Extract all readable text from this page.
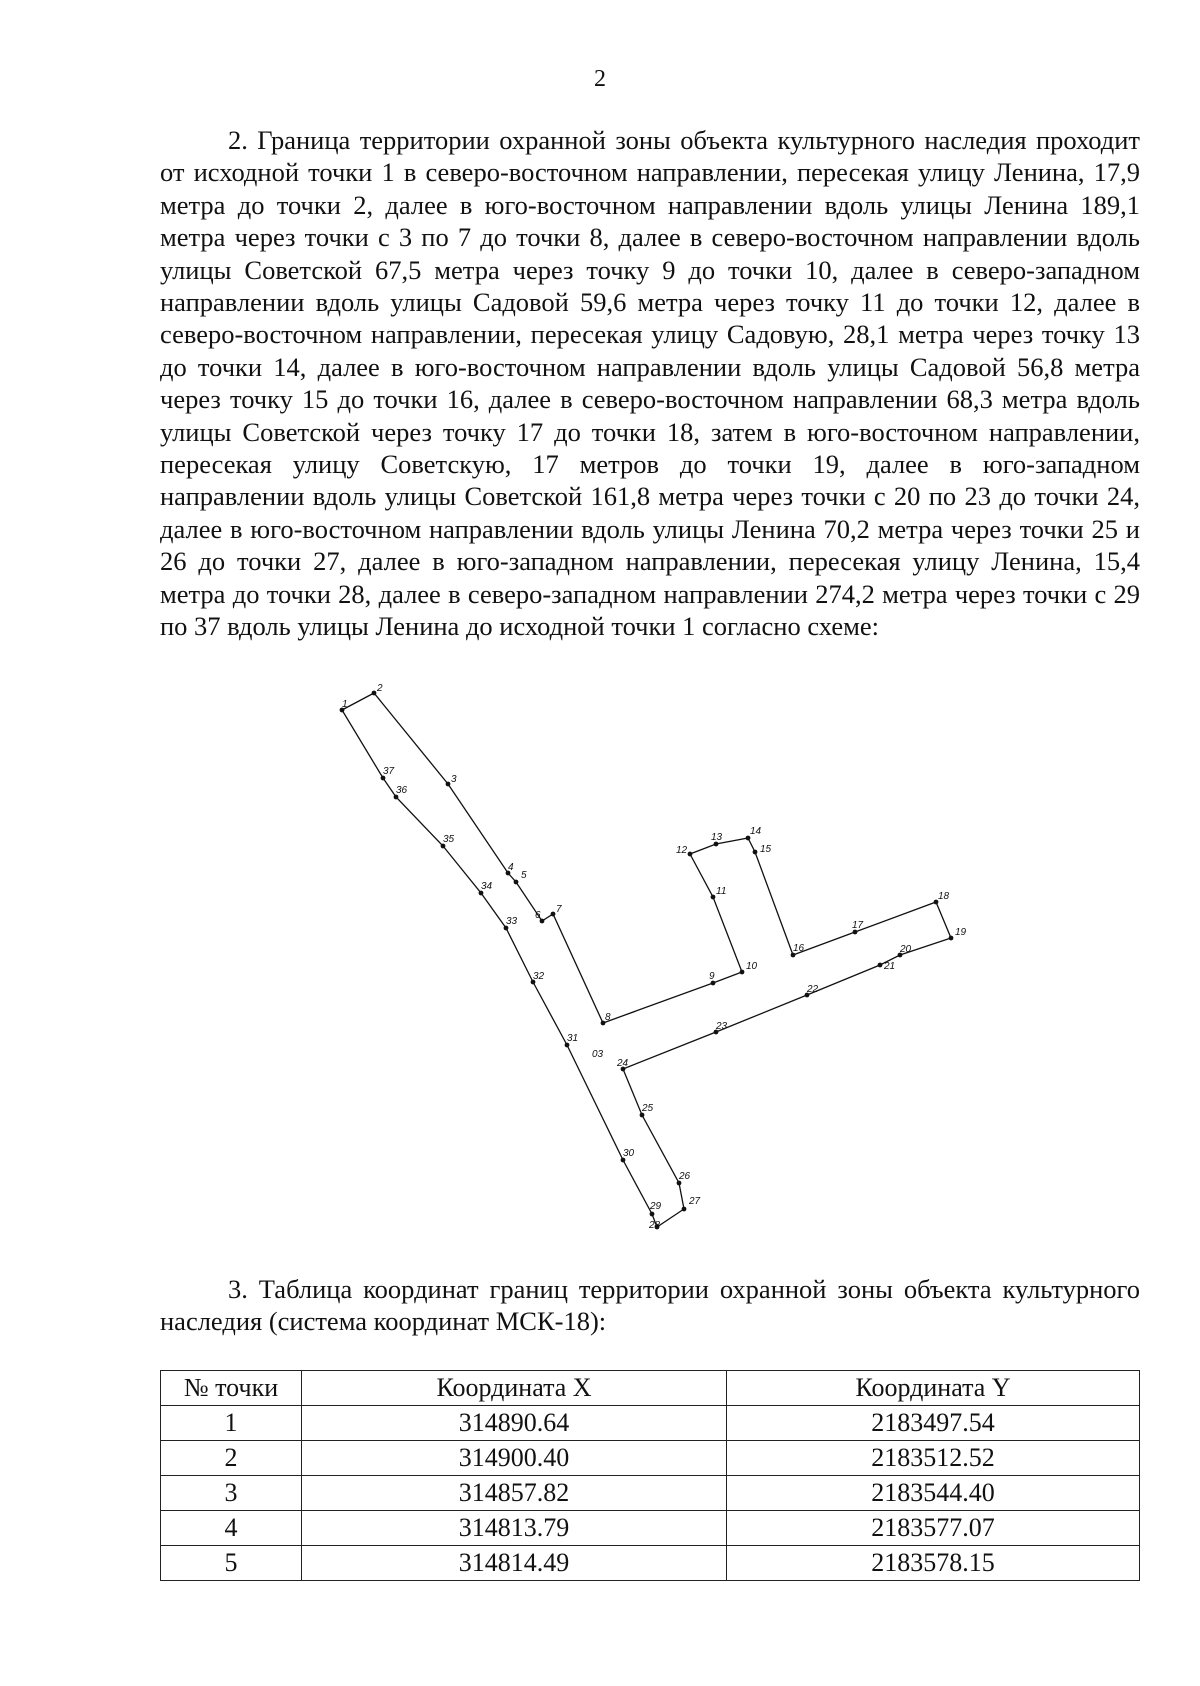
2

2. Граница территории охранной зоны объекта культурного наследия проходит от исходной точки 1 в северо-восточном направлении, пересекая улицу Ленина, 17,9 метра до точки 2, далее в юго-восточном направлении вдоль улицы Ленина 189,1 метра через точки с 3 по 7 до точки 8, далее в северо-восточном направлении вдоль улицы Советской 67,5 метра через точку 9 до точки 10, далее в северо-западном направлении вдоль улицы Садовой 59,6 метра через точку 11 до точки 12, далее в северо-восточном направлении, пересекая улицу Садовую, 28,1 метра через точку 13 до точки 14, далее в юго-восточном направлении вдоль улицы Садовой 56,8 метра через точку 15 до точки 16, далее в северо-восточном направлении 68,3 метра вдоль улицы Советской через точку 17 до точки 18, затем в юго-восточном направлении, пересекая улицу Советскую, 17 метров до точки 19, далее в юго-западном направлении вдоль улицы Советской 161,8 метра через точки с 20 по 23 до точки 24, далее в юго-восточном направлении вдоль улицы Ленина 70,2 метра через точки 25 и 26 до точки 27, далее в юго-западном направлении, пересекая улицу Ленина, 15,4 метра до точки 28, далее в северо-западном направлении 274,2 метра через точки с 29 по 37 вдоль улицы Ленина до исходной точки 1 согласно схеме:

1
2
3
4
5
6
7
8
9
10
11
12
13
14
15
16
17
18
19
20
21
22
23
24
25
26
27
28
29
30
31
32
33
34
35
36
37
03

3. Таблица координат границ территории охранной зоны объекта культурного наследия (система координат МСК-18):

№ точки	Координата X	Координата Y
1	314890.64	2183497.54
2	314900.40	2183512.52
3	314857.82	2183544.40
4	314813.79	2183577.07
5	314814.49	2183578.15
